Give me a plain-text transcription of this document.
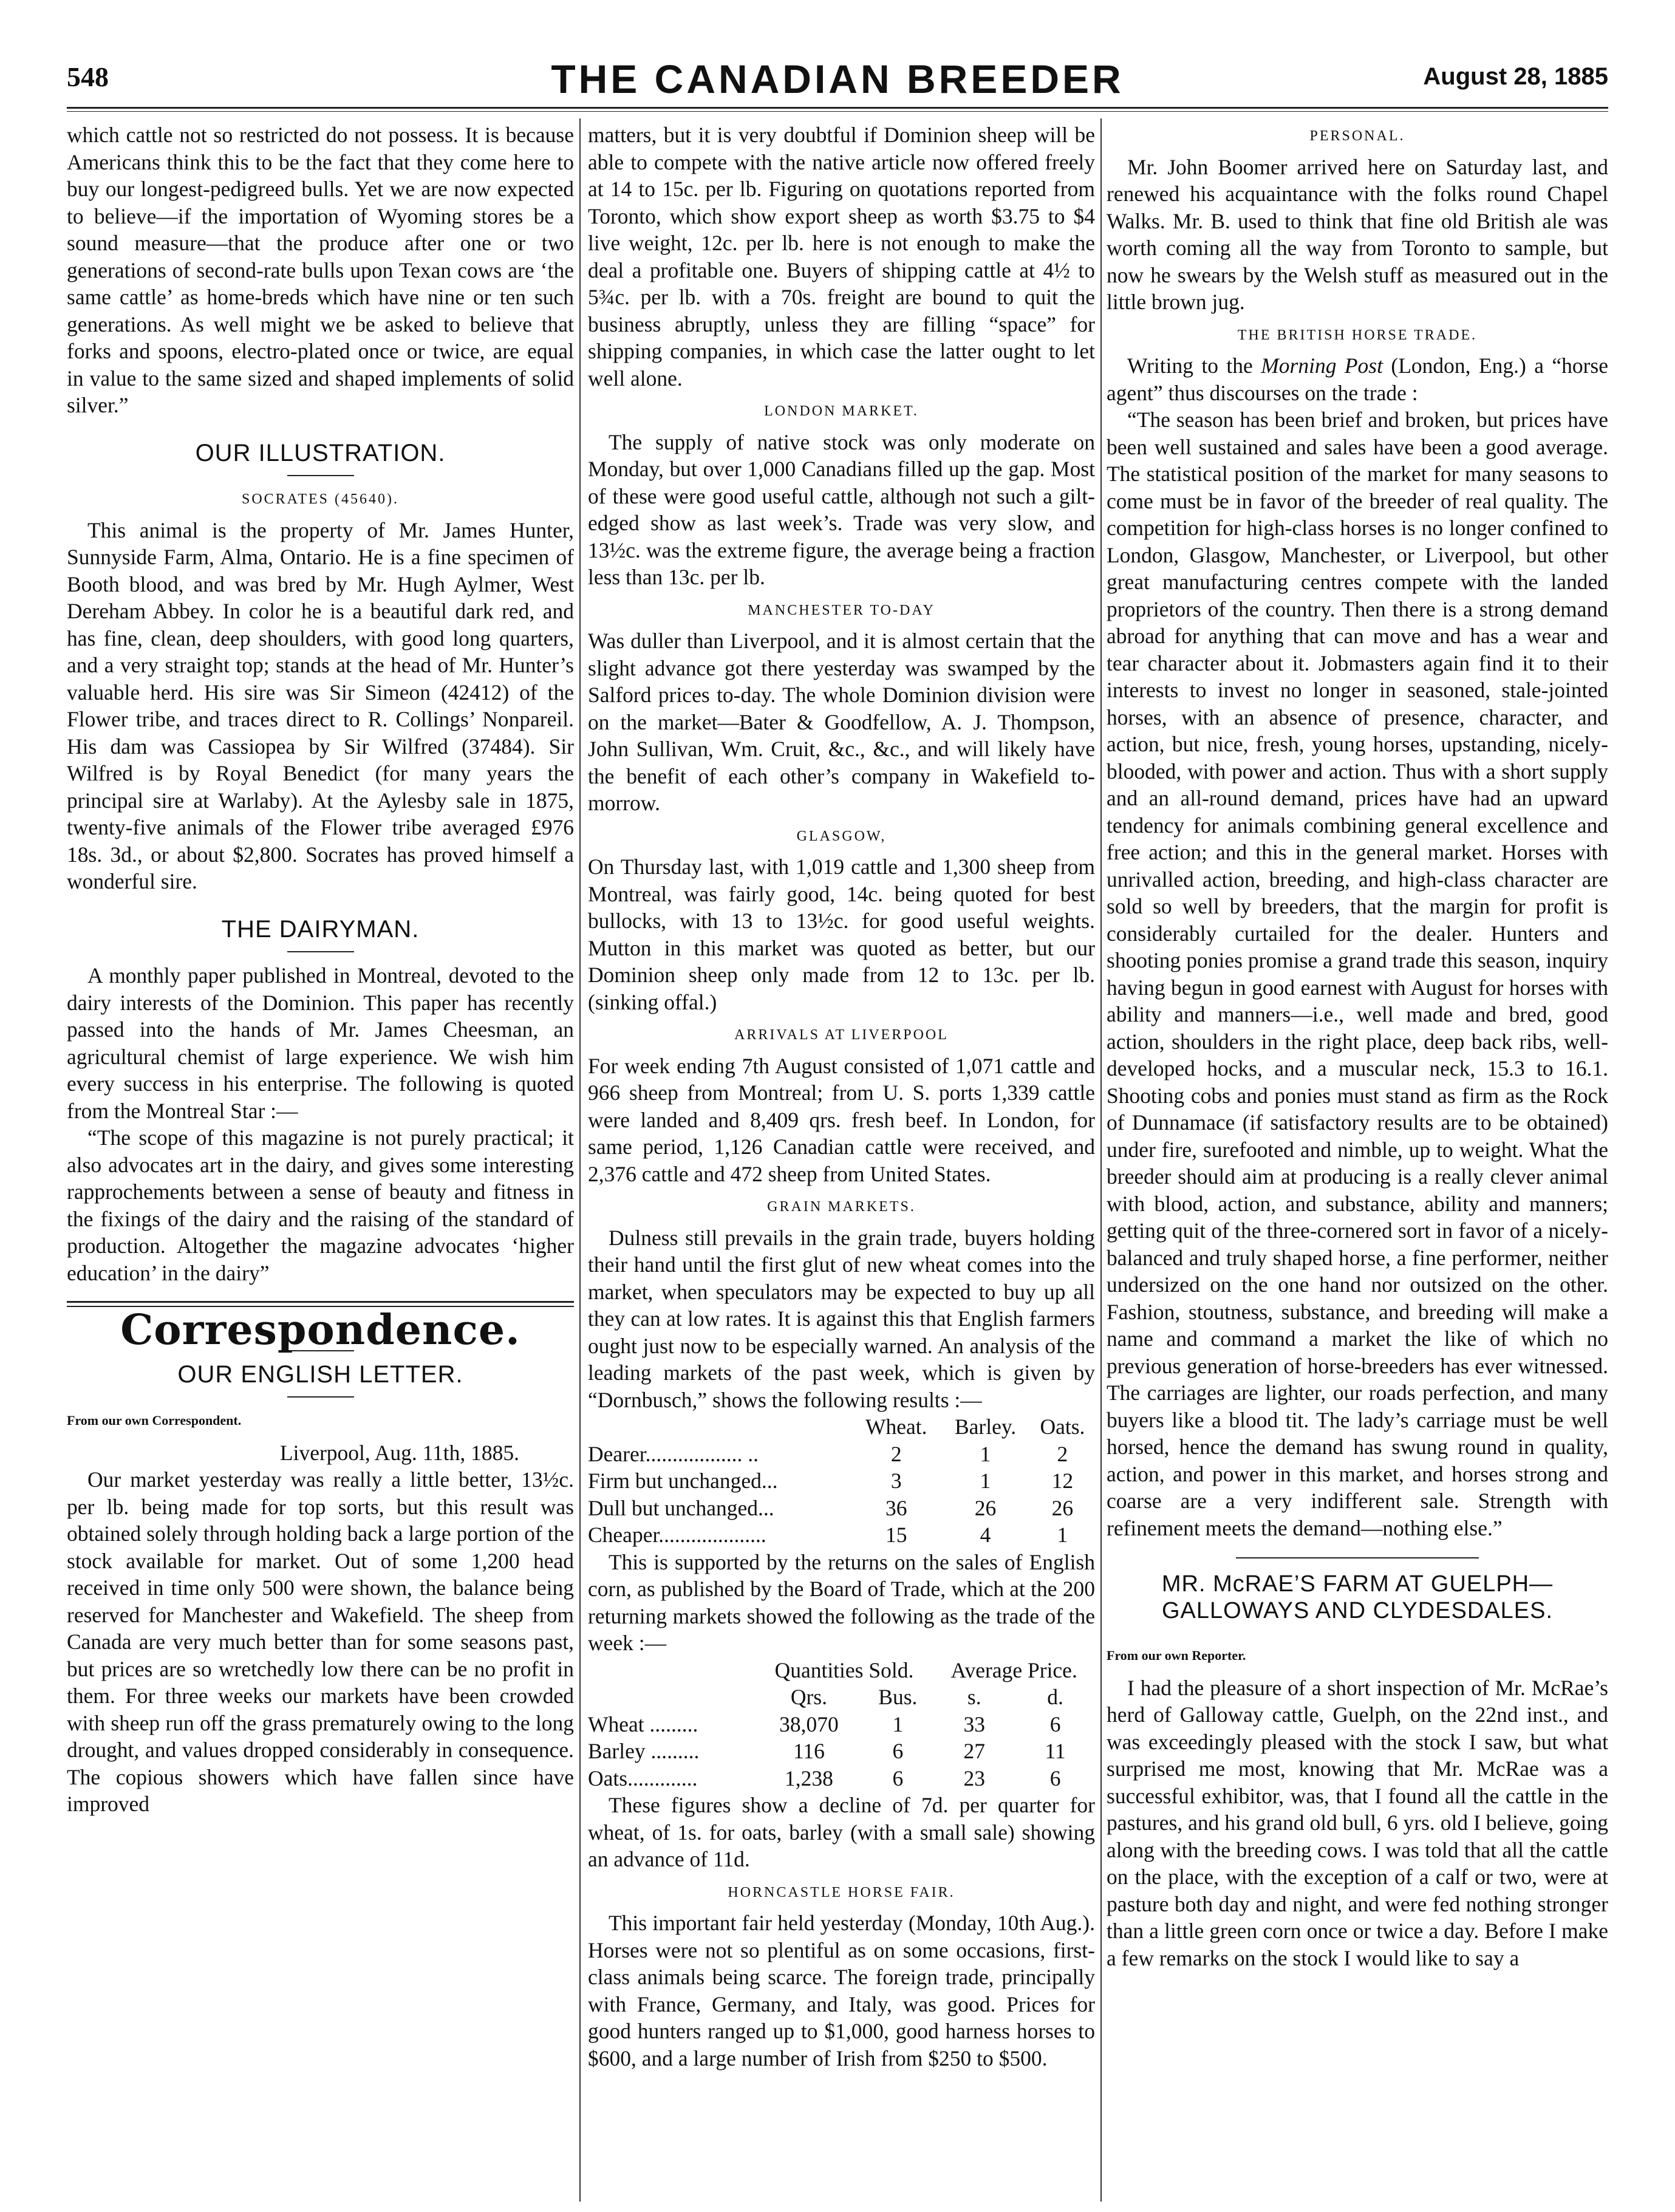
548	THE CANADIAN BREEDER	August 28, 1885

which cattle not so restricted do not possess. It is because Americans think this to be the fact that they come here to buy our longest-pedigreed bulls. Yet we are now expected to believe—if the importation of Wyoming stores be a sound measure—that the produce after one or two generations of second-rate bulls upon Texan cows are ‘the same cattle’ as home-breds which have nine or ten such generations. As well might we be asked to believe that forks and spoons, electro-plated once or twice, are equal in value to the same sized and shaped implements of solid silver.”

OUR ILLUSTRATION.
SOCRATES (45640).

This animal is the property of Mr. James Hunter, Sunnyside Farm, Alma, Ontario. He is a fine specimen of Booth blood, and was bred by Mr. Hugh Aylmer, West Dereham Abbey. In color he is a beautiful dark red, and has fine, clean, deep shoulders, with good long quarters, and a very straight top; stands at the head of Mr. Hunter’s valuable herd. His sire was Sir Simeon (42412) of the Flower tribe, and traces direct to R. Collings’ Nonpareil. His dam was Cassiopea by Sir Wilfred (37484). Sir Wilfred is by Royal Benedict (for many years the principal sire at Warlaby). At the Aylesby sale in 1875, twenty-five animals of the Flower tribe averaged £976 18s. 3d., or about $2,800. Socrates has proved himself a wonderful sire.

THE DAIRYMAN.

A monthly paper published in Montreal, devoted to the dairy interests of the Dominion. This paper has recently passed into the hands of Mr. James Cheesman, an agricultural chemist of large experience. We wish him every success in his enterprise. The following is quoted from the Montreal Star :—

“The scope of this magazine is not purely practical; it also advocates art in the dairy, and gives some interesting rapprochements between a sense of beauty and fitness in the fixings of the dairy and the raising of the standard of production. Altogether the magazine advocates ‘higher education’ in the dairy”

Correspondence.
OUR ENGLISH LETTER.
From our own Correspondent.
Liverpool, Aug. 11th, 1885.

Our market yesterday was really a little better, 13½c. per lb. being made for top sorts, but this result was obtained solely through holding back a large portion of the stock available for market. Out of some 1,200 head received in time only 500 were shown, the balance being reserved for Manchester and Wakefield. The sheep from Canada are very much better than for some seasons past, but prices are so wretchedly low there can be no profit in them. For three weeks our markets have been crowded with sheep run off the grass prematurely owing to the long drought, and values dropped considerably in consequence. The copious showers which have fallen since have improved

matters, but it is very doubtful if Dominion sheep will be able to compete with the native article now offered freely at 14 to 15c. per lb. Figuring on quotations reported from Toronto, which show export sheep as worth $3.75 to $4 live weight, 12c. per lb. here is not enough to make the deal a profitable one. Buyers of shipping cattle at 4½ to 5¾c. per lb. with a 70s. freight are bound to quit the business abruptly, unless they are filling “space” for shipping companies, in which case the latter ought to let well alone.

LONDON MARKET.

The supply of native stock was only moderate on Monday, but over 1,000 Canadians filled up the gap. Most of these were good useful cattle, although not such a gilt-edged show as last week’s. Trade was very slow, and 13½c. was the extreme figure, the average being a fraction less than 13c. per lb.

MANCHESTER TO-DAY

Was duller than Liverpool, and it is almost certain that the slight advance got there yesterday was swamped by the Salford prices to-day. The whole Dominion division were on the market—Bater & Goodfellow, A. J. Thompson, John Sullivan, Wm. Cruit, &c., &c., and will likely have the benefit of each other’s company in Wakefield to-morrow.

GLASGOW,

On Thursday last, with 1,019 cattle and 1,300 sheep from Montreal, was fairly good, 14c. being quoted for best bullocks, with 13 to 13½c. for good useful weights. Mutton in this market was quoted as better, but our Dominion sheep only made from 12 to 13c. per lb. (sinking offal.)

ARRIVALS AT LIVERPOOL

For week ending 7th August consisted of 1,071 cattle and 966 sheep from Montreal; from U. S. ports 1,339 cattle were landed and 8,409 qrs. fresh beef. In London, for same period, 1,126 Canadian cattle were received, and 2,376 cattle and 472 sheep from United States.

GRAIN MARKETS.

Dulness still prevails in the grain trade, buyers holding their hand until the first glut of new wheat comes into the market, when speculators may be expected to buy up all they can at low rates. It is against this that English farmers ought just now to be especially warned. An analysis of the leading markets of the past week, which is given by “Dornbusch,” shows the following results :—

	Wheat.	Barley.	Oats.
Dearer.................. ..	2	1	2
Firm but unchanged...	3	1	12
Dull but unchanged...	36	26	26
Cheaper....................	15	4	1

This is supported by the returns on the sales of English corn, as published by the Board of Trade, which at the 200 returning markets showed the following as the trade of the week :—

	Quantities Sold.		Average Price.	
	Qrs.	Bus.	s.	d.
Wheat .........	38,070	1	33	6
Barley .........	116	6	27	11
Oats.............	1,238	6	23	6

These figures show a decline of 7d. per quarter for wheat, of 1s. for oats, barley (with a small sale) showing an advance of 11d.

HORNCASTLE HORSE FAIR.

This important fair held yesterday (Monday, 10th Aug.). Horses were not so plentiful as on some occasions, first-class animals being scarce. The foreign trade, principally with France, Germany, and Italy, was good. Prices for good hunters ranged up to $1,000, good harness horses to $600, and a large number of Irish from $250 to $500.

PERSONAL.

Mr. John Boomer arrived here on Saturday last, and renewed his acquaintance with the folks round Chapel Walks. Mr. B. used to think that fine old British ale was worth coming all the way from Toronto to sample, but now he swears by the Welsh stuff as measured out in the little brown jug.

THE BRITISH HORSE TRADE.

Writing to the Morning Post (London, Eng.) a “horse agent” thus discourses on the trade :

“The season has been brief and broken, but prices have been well sustained and sales have been a good average. The statistical position of the market for many seasons to come must be in favor of the breeder of real quality. The competition for high-class horses is no longer confined to London, Glasgow, Manchester, or Liverpool, but other great manufacturing centres compete with the landed proprietors of the country. Then there is a strong demand abroad for anything that can move and has a wear and tear character about it. Jobmasters again find it to their interests to invest no longer in seasoned, stale-jointed horses, with an absence of presence, character, and action, but nice, fresh, young horses, upstanding, nicely-blooded, with power and action. Thus with a short supply and an all-round demand, prices have had an upward tendency for animals combining general excellence and free action; and this in the general market. Horses with unrivalled action, breeding, and high-class character are sold so well by breeders, that the margin for profit is considerably curtailed for the dealer. Hunters and shooting ponies promise a grand trade this season, inquiry having begun in good earnest with August for horses with ability and manners—i.e., well made and bred, good action, shoulders in the right place, deep back ribs, well-developed hocks, and a muscular neck, 15.3 to 16.1. Shooting cobs and ponies must stand as firm as the Rock of Dunnamace (if satisfactory results are to be obtained) under fire, surefooted and nimble, up to weight. What the breeder should aim at producing is a really clever animal with blood, action, and substance, ability and manners; getting quit of the three-cornered sort in favor of a nicely-balanced and truly shaped horse, a fine performer, neither undersized on the one hand nor outsized on the other. Fashion, stoutness, substance, and breeding will make a name and command a market the like of which no previous generation of horse-breeders has ever witnessed. The carriages are lighter, our roads perfection, and many buyers like a blood tit. The lady’s carriage must be well horsed, hence the demand has swung round in quality, action, and power in this market, and horses strong and coarse are a very indifferent sale. Strength with refinement meets the demand—nothing else.”

MR. McRAE’S FARM AT GUELPH—GALLOWAYS AND CLYDESDALES.
From our own Reporter.

I had the pleasure of a short inspection of Mr. McRae’s herd of Galloway cattle, Guelph, on the 22nd inst., and was exceedingly pleased with the stock I saw, but what surprised me most, knowing that Mr. McRae was a successful exhibitor, was, that I found all the cattle in the pastures, and his grand old bull, 6 yrs. old I believe, going along with the breeding cows. I was told that all the cattle on the place, with the exception of a calf or two, were at pasture both day and night, and were fed nothing stronger than a little green corn once or twice a day. Before I make a few remarks on the stock I would like to say a
